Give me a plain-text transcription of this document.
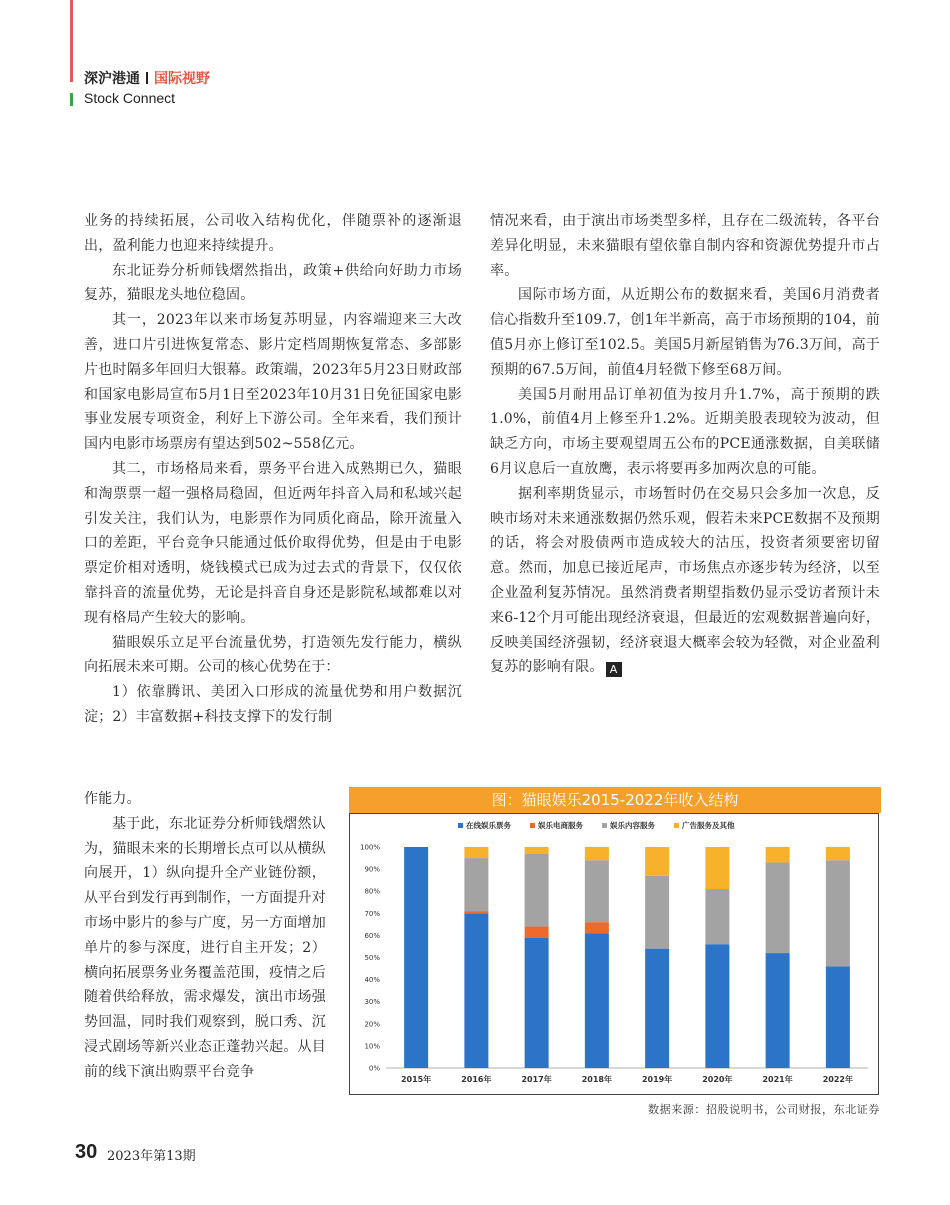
深沪港通 国际视野
Stock Connect

业务的持续拓展，公司收入结构优化，伴随票补的逐渐退出，盈利能力也迎来持续提升。

东北证券分析师钱熠然指出，政策+供给向好助力市场复苏，猫眼龙头地位稳固。

其一，2023年以来市场复苏明显，内容端迎来三大改善，进口片引进恢复常态、影片定档周期恢复常态、多部影片也时隔多年回归大银幕。政策端，2023年5月23日财政部和国家电影局宣布5月1日至2023年10月31日免征国家电影事业发展专项资金，利好上下游公司。全年来看，我们预计国内电影市场票房有望达到502~558亿元。

其二，市场格局来看，票务平台进入成熟期已久，猫眼和淘票票一超一强格局稳固，但近两年抖音入局和私域兴起引发关注，我们认为，电影票作为同质化商品，除开流量入口的差距，平台竞争只能通过低价取得优势，但是由于电影票定价相对透明，烧钱模式已成为过去式的背景下，仅仅依靠抖音的流量优势，无论是抖音自身还是影院私域都难以对现有格局产生较大的影响。

猫眼娱乐立足平台流量优势，打造领先发行能力，横纵向拓展未来可期。公司的核心优势在于：

1）依靠腾讯、美团入口形成的流量优势和用户数据沉淀；2）丰富数据+科技支撑下的发行制

作能力。

基于此，东北证券分析师钱熠然认为，猫眼未来的长期增长点可以从横纵向展开，1）纵向提升全产业链份额，从平台到发行再到制作，一方面提升对市场中影片的参与广度，另一方面增加单片的参与深度，进行自主开发；2）横向拓展票务业务覆盖范围，疫情之后随着供给释放，需求爆发，演出市场强势回温，同时我们观察到，脱口秀、沉浸式剧场等新兴业态正蓬勃兴起。从目前的线下演出购票平台竞争

情况来看，由于演出市场类型多样，且存在二级流转，各平台差异化明显，未来猫眼有望依靠自制内容和资源优势提升市占率。

国际市场方面，从近期公布的数据来看，美国6月消费者信心指数升至109.7，创1年半新高，高于市场预期的104，前值5月亦上修订至102.5。美国5月新屋销售为76.3万间，高于预期的67.5万间，前值4月轻微下修至68万间。

美国5月耐用品订单初值为按月升1.7%，高于预期的跌1.0%，前值4月上修至升1.2%。近期美股表现较为波动，但缺乏方向，市场主要观望周五公布的PCE通涨数据，自美联储6月议息后一直放鹰，表示将要再多加两次息的可能。

据利率期货显示，市场暂时仍在交易只会多加一次息，反映市场对未来通涨数据仍然乐观，假若未来PCE数据不及预期的话，将会对股债两市造成较大的沽压，投资者须要密切留意。然而，加息已接近尾声，市场焦点亦逐步转为经济，以至企业盈利复苏情况。虽然消费者期望指数仍显示受访者预计未来6-12个月可能出现经济衰退，但最近的宏观数据普遍向好，反映美国经济强韧，经济衰退大概率会较为轻微，对企业盈利复苏的影响有限。 A

图：猫眼娱乐2015-2022年收入结构
0%
10%
20%
30%
40%
50%
60%
70%
80%
90%
100%
在线娱乐票务	娱乐电商服务	娱乐内容服务	广告服务及其他
2015年	2016年	2017年	2018年	2019年	2020年	2021年	2022年
数据来源：招股说明书，公司财报，东北证券
30 2023年第13期
